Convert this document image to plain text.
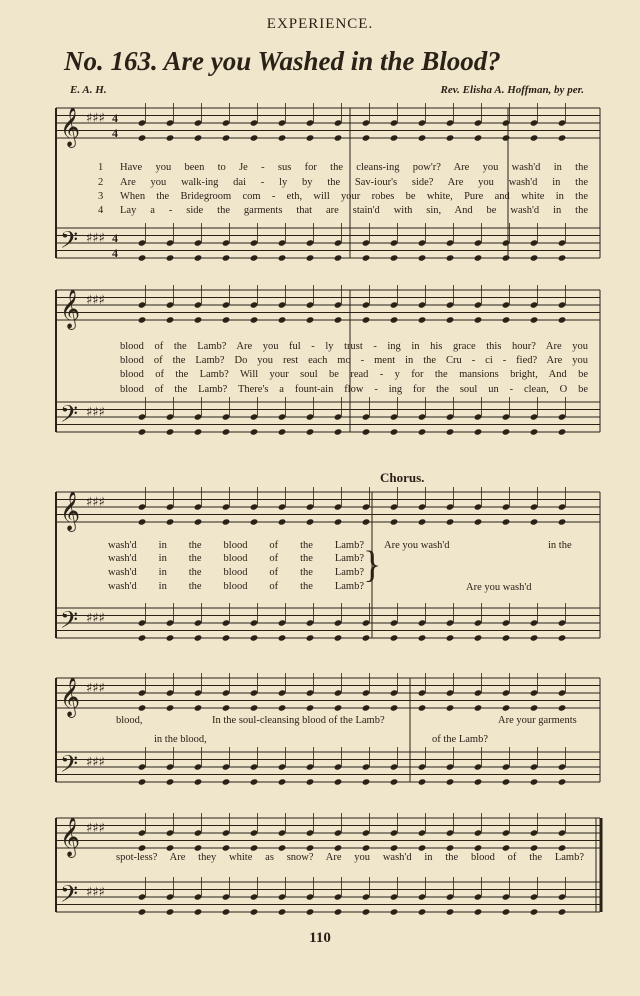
EXPERIENCE.
No. 163. Are you Washed in the Blood?
E. A. H.	Rev. Elisha A. Hoffman, by per.
𝄞 ♯♯♯ 4
4
𝄢 ♯♯♯ 4
4
𝄞 ♯♯♯
𝄢 ♯♯♯
𝄞 ♯♯♯
𝄢 ♯♯♯
𝄞 ♯♯♯
𝄢 ♯♯♯
𝄞 ♯♯♯
𝄢 ♯♯♯
1	Have you been to Je - sus for the cleans-ing pow'r? Are you wash'd in the
2	Are you walk-ing dai - ly by the Sav-iour's side? Are you wash'd in the
3	When the Bridegroom com - eth, will your robes be white, Pure and white in the
4	Lay a - side the garments that are stain'd with sin, And be wash'd in the
blood of the Lamb? Are you ful - ly trust - ing in his grace this hour? Are you
blood of the Lamb? Do you rest each mo - ment in the Cru - ci - fied? Are you
blood of the Lamb? Will your soul be read - y for the mansions bright, And be
blood of the Lamb? There's a fount-ain flow - ing for the soul un - clean, O be
Chorus.
wash'd in the blood of the Lamb?
wash'd in the blood of the Lamb?
wash'd in the blood of the Lamb?
wash'd in the blood of the Lamb?
} Are you wash'd	in the
Are you wash'd
blood,	In the soul-cleansing blood of the Lamb?	Are your garments
in the blood,	of the Lamb?
spot-less? Are they white as snow? Are you wash'd in the blood of the Lamb?
110
